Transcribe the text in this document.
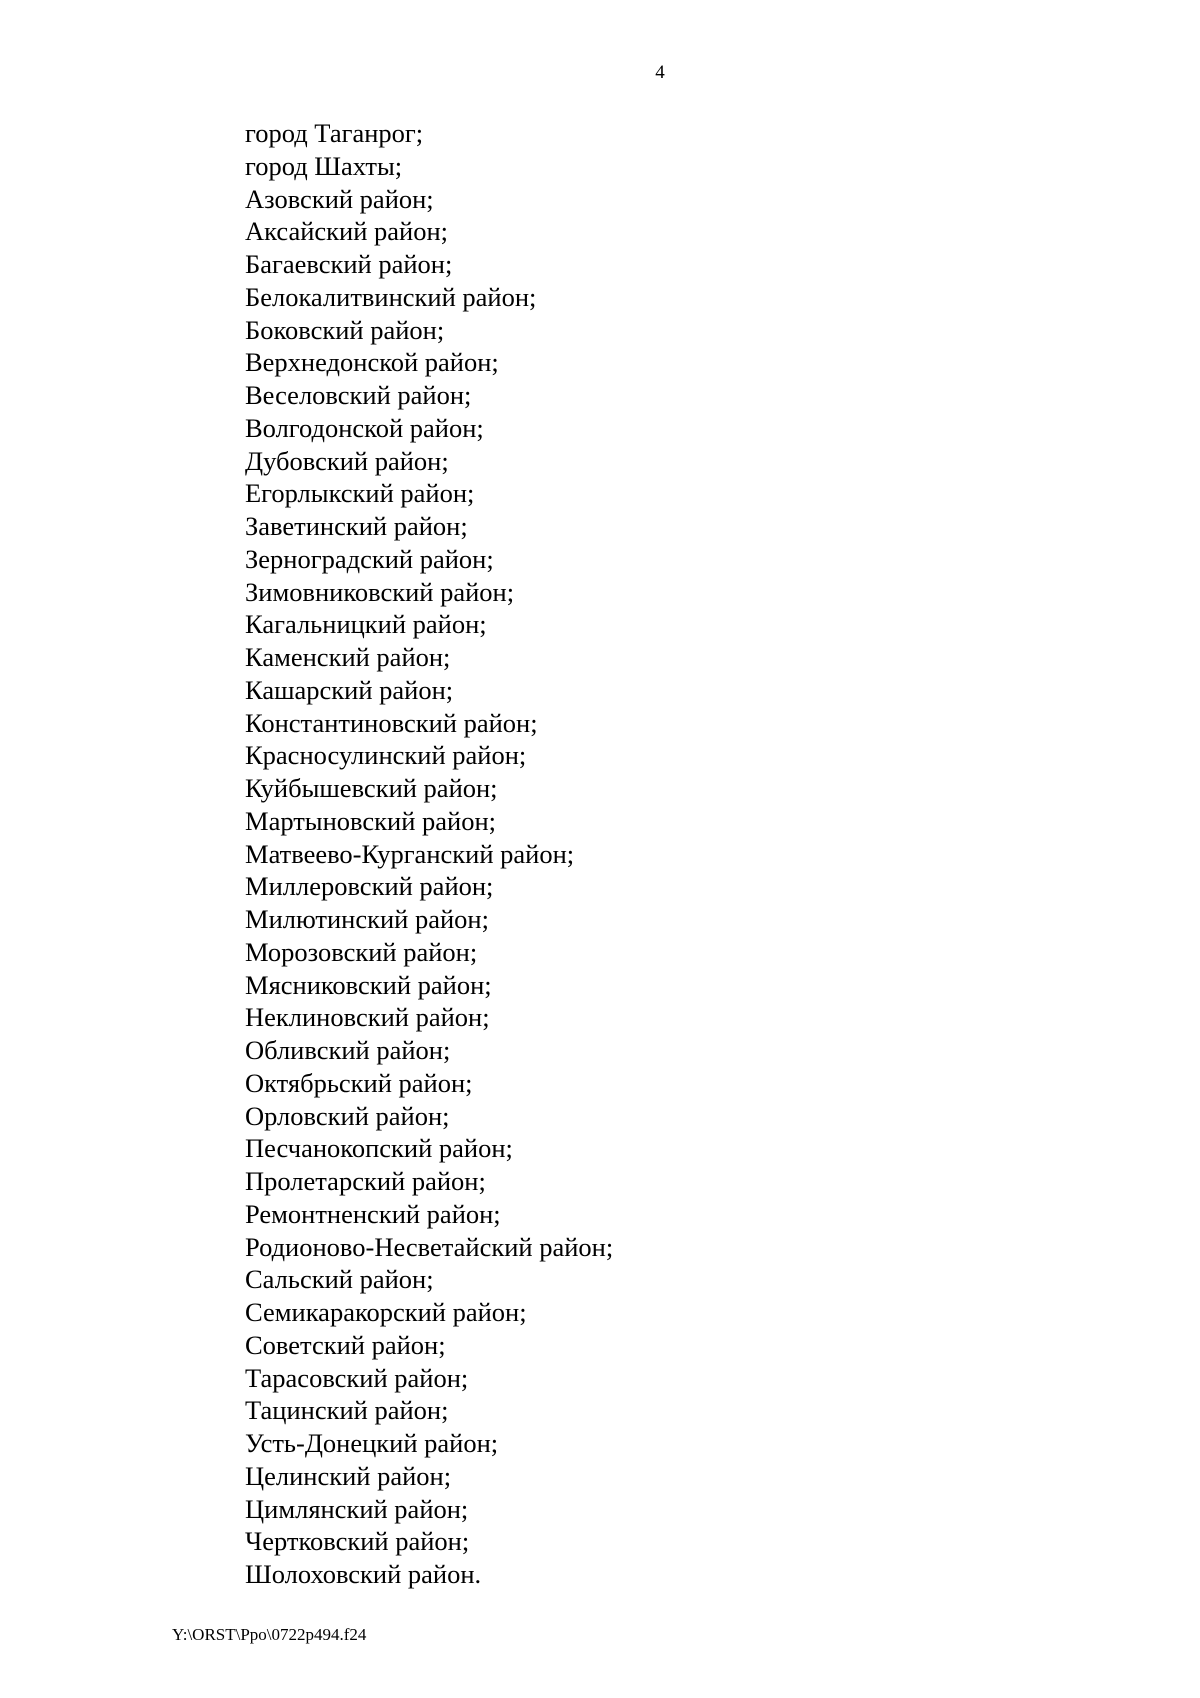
4
город Таганрог;
город Шахты;
Азовский район;
Аксайский район;
Багаевский район;
Белокалитвинский район;
Боковский район;
Верхнедонской район;
Веселовский район;
Волгодонской район;
Дубовский район;
Егорлыкский район;
Заветинский район;
Зерноградский район;
Зимовниковский район;
Кагальницкий район;
Каменский район;
Кашарский район;
Константиновский район;
Красносулинский район;
Куйбышевский район;
Мартыновский район;
Матвеево-Курганский район;
Миллеровский район;
Милютинский район;
Морозовский район;
Мясниковский район;
Неклиновский район;
Обливский район;
Октябрьский район;
Орловский район;
Песчанокопский район;
Пролетарский район;
Ремонтненский район;
Родионово-Несветайский район;
Сальский район;
Семикаракорский район;
Советский район;
Тарасовский район;
Тацинский район;
Усть-Донецкий район;
Целинский район;
Цимлянский район;
Чертковский район;
Шолоховский район.
Y:\ORST\Ppo\0722p494.f24
